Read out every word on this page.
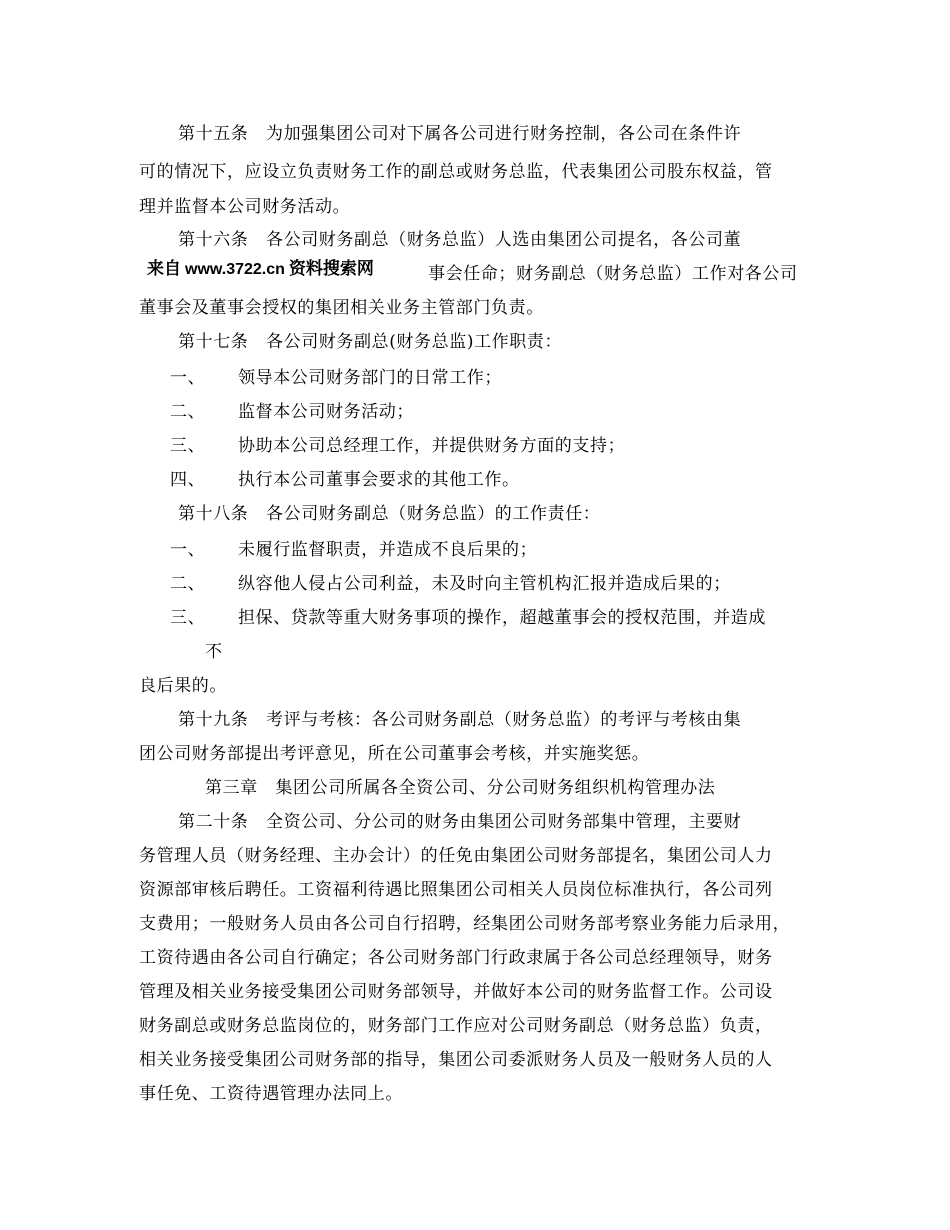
第十五条　为加强集团公司对下属各公司进行财务控制，各公司在条件许
可的情况下，应设立负责财务工作的副总或财务总监，代表集团公司股东权益，管
理并监督本公司财务活动。
第十六条　各公司财务副总（财务总监）人选由集团公司提名，各公司董
事会任命；财务副总（财务总监）工作对各公司
董事会及董事会授权的集团相关业务主管部门负责。
第十七条　各公司财务副总(财务总监)工作职责：
一、 领导本公司财务部门的日常工作；
二、 监督本公司财务活动；
三、 协助本公司总经理工作，并提供财务方面的支持；
四、 执行本公司董事会要求的其他工作。
第十八条　各公司财务副总（财务总监）的工作责任：
一、 未履行监督职责，并造成不良后果的；
二、 纵容他人侵占公司利益，未及时向主管机构汇报并造成后果的；
三、 担保、贷款等重大财务事项的操作，超越董事会的授权范围，并造成
不
良后果的。
第十九条　考评与考核：各公司财务副总（财务总监）的考评与考核由集
团公司财务部提出考评意见，所在公司董事会考核，并实施奖惩。
第三章　集团公司所属各全资公司、分公司财务组织机构管理办法
第二十条　全资公司、分公司的财务由集团公司财务部集中管理，主要财
务管理人员（财务经理、主办会计）的任免由集团公司财务部提名，集团公司人力
资源部审核后聘任。工资福利待遇比照集团公司相关人员岗位标准执行，各公司列
支费用；一般财务人员由各公司自行招聘，经集团公司财务部考察业务能力后录用，
工资待遇由各公司自行确定；各公司财务部门行政隶属于各公司总经理领导，财务
管理及相关业务接受集团公司财务部领导，并做好本公司的财务监督工作。公司设
财务副总或财务总监岗位的，财务部门工作应对公司财务副总（财务总监）负责，
相关业务接受集团公司财务部的指导，集团公司委派财务人员及一般财务人员的人
事任免、工资待遇管理办法同上。
来自 www.3722.cn 资料搜索网
